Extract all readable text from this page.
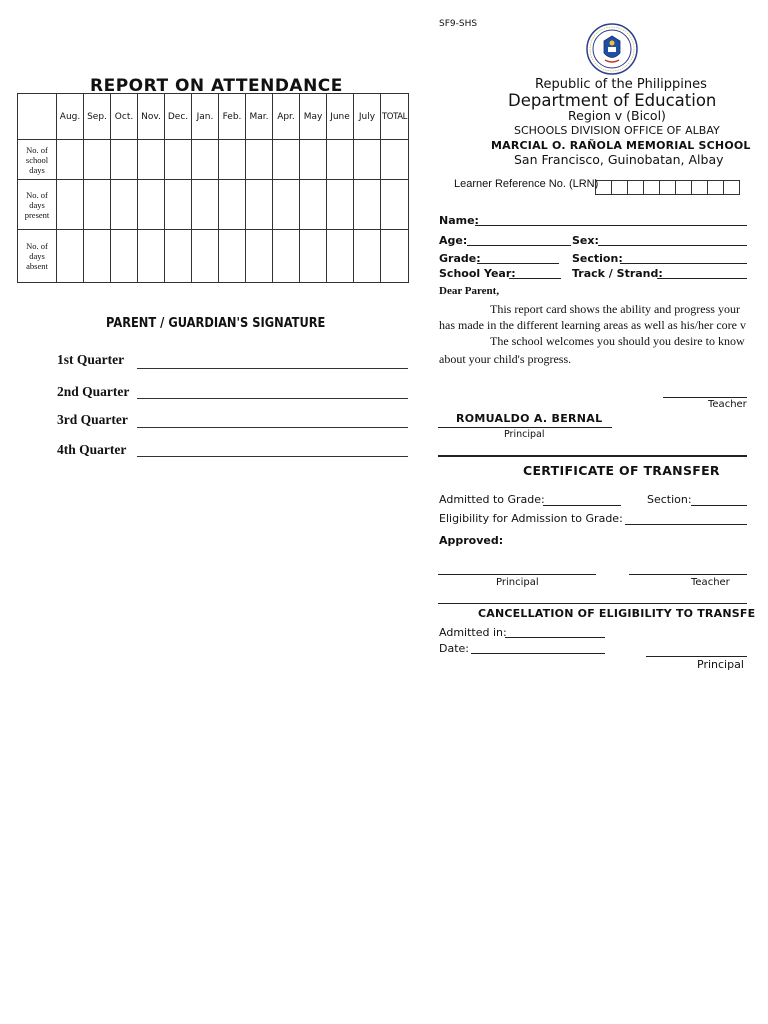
REPORT ON ATTENDANCE
	Aug.	Sep.	Oct.	Nov.	Dec.	Jan.	Feb.	Mar.	Apr.	May	June	July	TOTAL
No. of school days													
No. of days present													
No. of days absent													
PARENT / GUARDIAN'S SIGNATURE
1st Quarter
2nd Quarter
3rd Quarter
4th Quarter
SF9-SHS
Republic of the Philippines
Department of Education
Region v (Bicol)
SCHOOLS DIVISION OFFICE OF ALBAY
MARCIAL O. RAÑOLA MEMORIAL SCHOOL
San Francisco, Guinobatan, Albay
Learner Reference No. (LRN)
Name:
Age:	Sex:
Grade:	Section:
School Year:	Track / Strand:
Dear Parent,
This report card shows the ability and progress your
has made in the different learning areas as well as his/her core v
The school welcomes you should you desire to know
about your child's progress.
Teacher
ROMUALDO A. BERNAL
Principal
CERTIFICATE OF TRANSFER
Admitted to Grade:	Section:
Eligibility for Admission to Grade:
Approved:
Principal	Teacher
CANCELLATION OF ELIGIBILITY TO TRANSFE
Admitted in:
Date:
Principal
